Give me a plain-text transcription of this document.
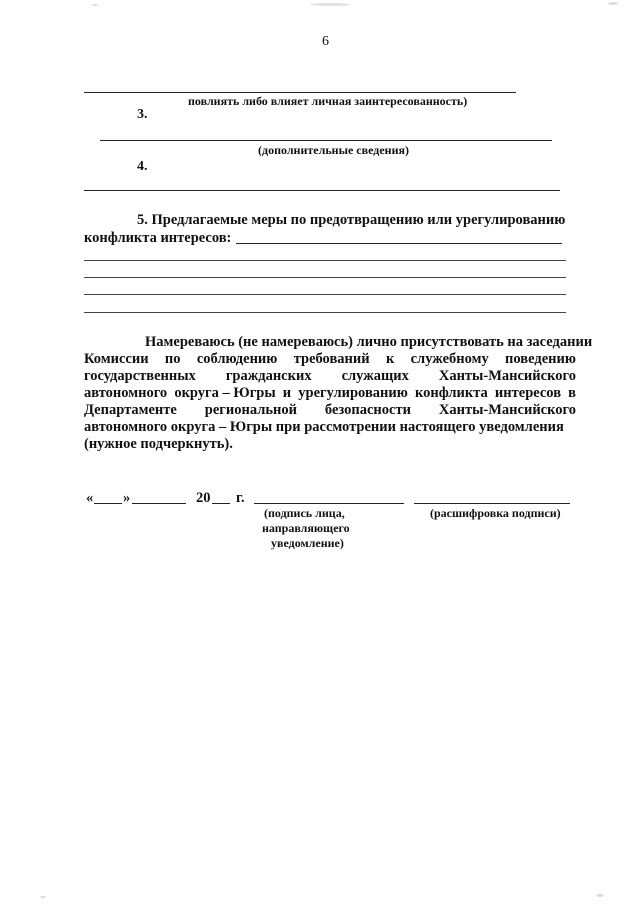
6
повлиять либо влияет личная заинтересованность)
3.
(дополнительные сведения)
4.
5. Предлагаемые меры по предотвращению или урегулированию
конфликта интересов:

Намереваюсь (не намереваюсь) лично присутствовать на заседании

Комиссии по соблюдению требований к служебному поведению

государственных гражданских служащих Ханты-Мансийского

автономного округа – Югры и урегулированию конфликта интересов в

Департаменте региональной безопасности Ханты-Мансийского

автономного округа – Югры при рассмотрении настоящего уведомления

(нужное подчеркнуть).

« »	20 г.
(подпись лица,
направляющего
уведомление)
(расшифровка подписи)
